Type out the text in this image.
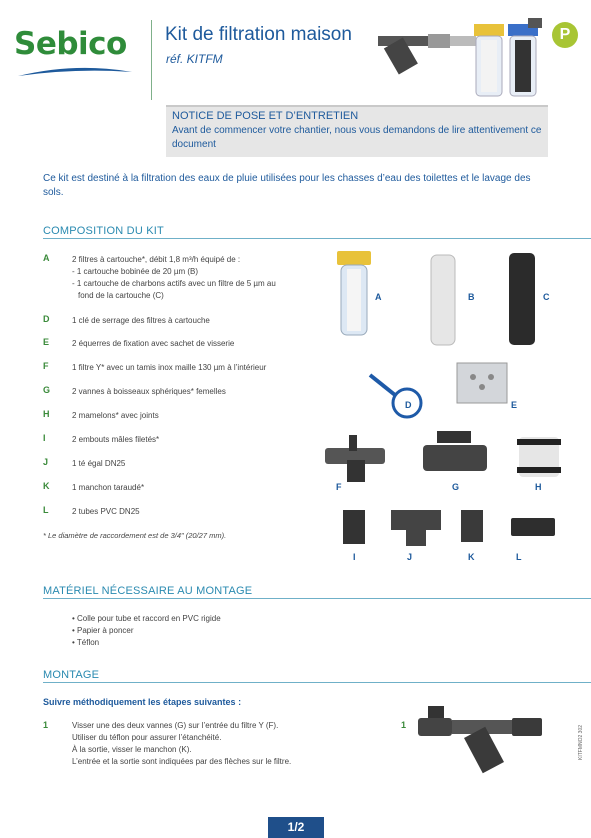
Sebico Kit de filtration maison
réf. KITFM
P
NOTICE DE POSE ET D’ENTRETIEN
Avant de commencer votre chantier, nous vous demandons de lire attentivement ce document
Ce kit est destiné à la filtration des eaux de pluie utilisées pour les chasses d’eau des toilettes et le lavage des sols.
COMPOSITION DU KIT
A	2 filtres à cartouche*, débit 1,8 m³/h équipé de :
- 1 cartouche bobinée de 20 µm (B)
- 1 cartouche de charbons actifs avec un filtre de 5 µm au
fond de la cartouche (C)
D	1 clé de serrage des filtres à cartouche
E	2 équerres de fixation avec sachet de visserie
F	1 filtre Y* avec un tamis inox maille 130 µm à l’intérieur
G	2 vannes à boisseaux sphériques* femelles
H	2 mamelons* avec joints
I	2 embouts mâles filetés*
J	1 té égal DN25
K	1 manchon taraudé*
L	2 tubes PVC DN25
* Le diamètre de raccordement est de 3/4" (20/27 mm).
A	B	C
D	E
F	G	H
I	J	K	L
MATÉRIEL NÉCESSAIRE AU MONTAGE
• Colle pour tube et raccord en PVC rigide
• Papier à poncer
• Téflon
MONTAGE
Suivre méthodiquement les étapes suivantes :
1	Visser une des deux vannes (G) sur l’entrée du filtre Y (F).
Utiliser du téflon pour assurer l’étanchéité.
À la sortie, visser le manchon (K).
L’entrée et la sortie sont indiquées par des flèches sur le filtre.
1
1/2
KITFMNO2 302
